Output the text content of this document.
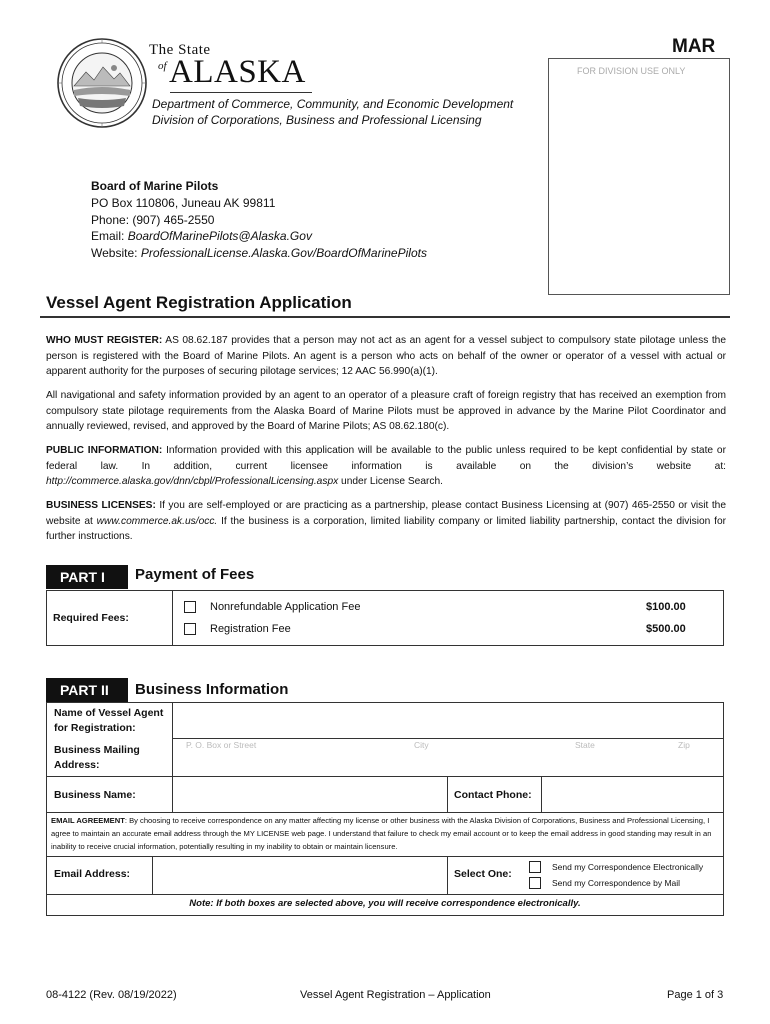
The State
of ALASKA
Department of Commerce, Community, and Economic Development
Division of Corporations, Business and Professional Licensing
MAR
FOR DIVISION USE ONLY
Board of Marine Pilots
PO Box 110806, Juneau AK 99811
Phone: (907) 465-2550
Email: BoardOfMarinePilots@Alaska.Gov
Website: ProfessionalLicense.Alaska.Gov/BoardOfMarinePilots
Vessel Agent Registration Application
WHO MUST REGISTER: AS 08.62.187 provides that a person may not act as an agent for a vessel subject to compulsory state pilotage unless the person is registered with the Board of Marine Pilots. An agent is a person who acts on behalf of the owner or operator of a vessel with actual or apparent authority for the purposes of securing pilotage services; 12 AAC 56.990(a)(1).
All navigational and safety information provided by an agent to an operator of a pleasure craft of foreign registry that has received an exemption from compulsory state pilotage requirements from the Alaska Board of Marine Pilots must be approved in advance by the Marine Pilot Coordinator and annually reviewed, revised, and approved by the Board of Marine Pilots; AS 08.62.180(c).
PUBLIC INFORMATION: Information provided with this application will be available to the public unless required to be kept confidential by state or federal law. In addition, current licensee information is available on the division’s website at: http://commerce.alaska.gov/dnn/cbpl/ProfessionalLicensing.aspx under License Search.
BUSINESS LICENSES: If you are self-employed or are practicing as a partnership, please contact Business Licensing at (907) 465-2550 or visit the website at www.commerce.ak.us/occ. If the business is a corporation, limited liability company or limited liability partnership, contact the division for further instructions.
PART I	Payment of Fees
Required Fees:
Nonrefundable Application Fee	$100.00
Registration Fee	$500.00
PART II	Business Information
Name of Vessel Agent for Registration:
Business Mailing Address:
P. O. Box or Street	City	State	Zip
Business Name:	Contact Phone:
EMAIL AGREEMENT: By choosing to receive correspondence on any matter affecting my license or other business with the Alaska Division of Corporations, Business and Professional Licensing, I agree to maintain an accurate email address through the MY LICENSE web page. I understand that failure to check my email account or to keep the email address in good standing may result in an inability to receive crucial information, potentially resulting in my inability to obtain or maintain licensure.
Email Address:	Select One:
Send my Correspondence Electronically
Send my Correspondence by Mail
Note: If both boxes are selected above, you will receive correspondence electronically.
08-4122 (Rev. 08/19/2022)	Vessel Agent Registration – Application	Page 1 of 3
